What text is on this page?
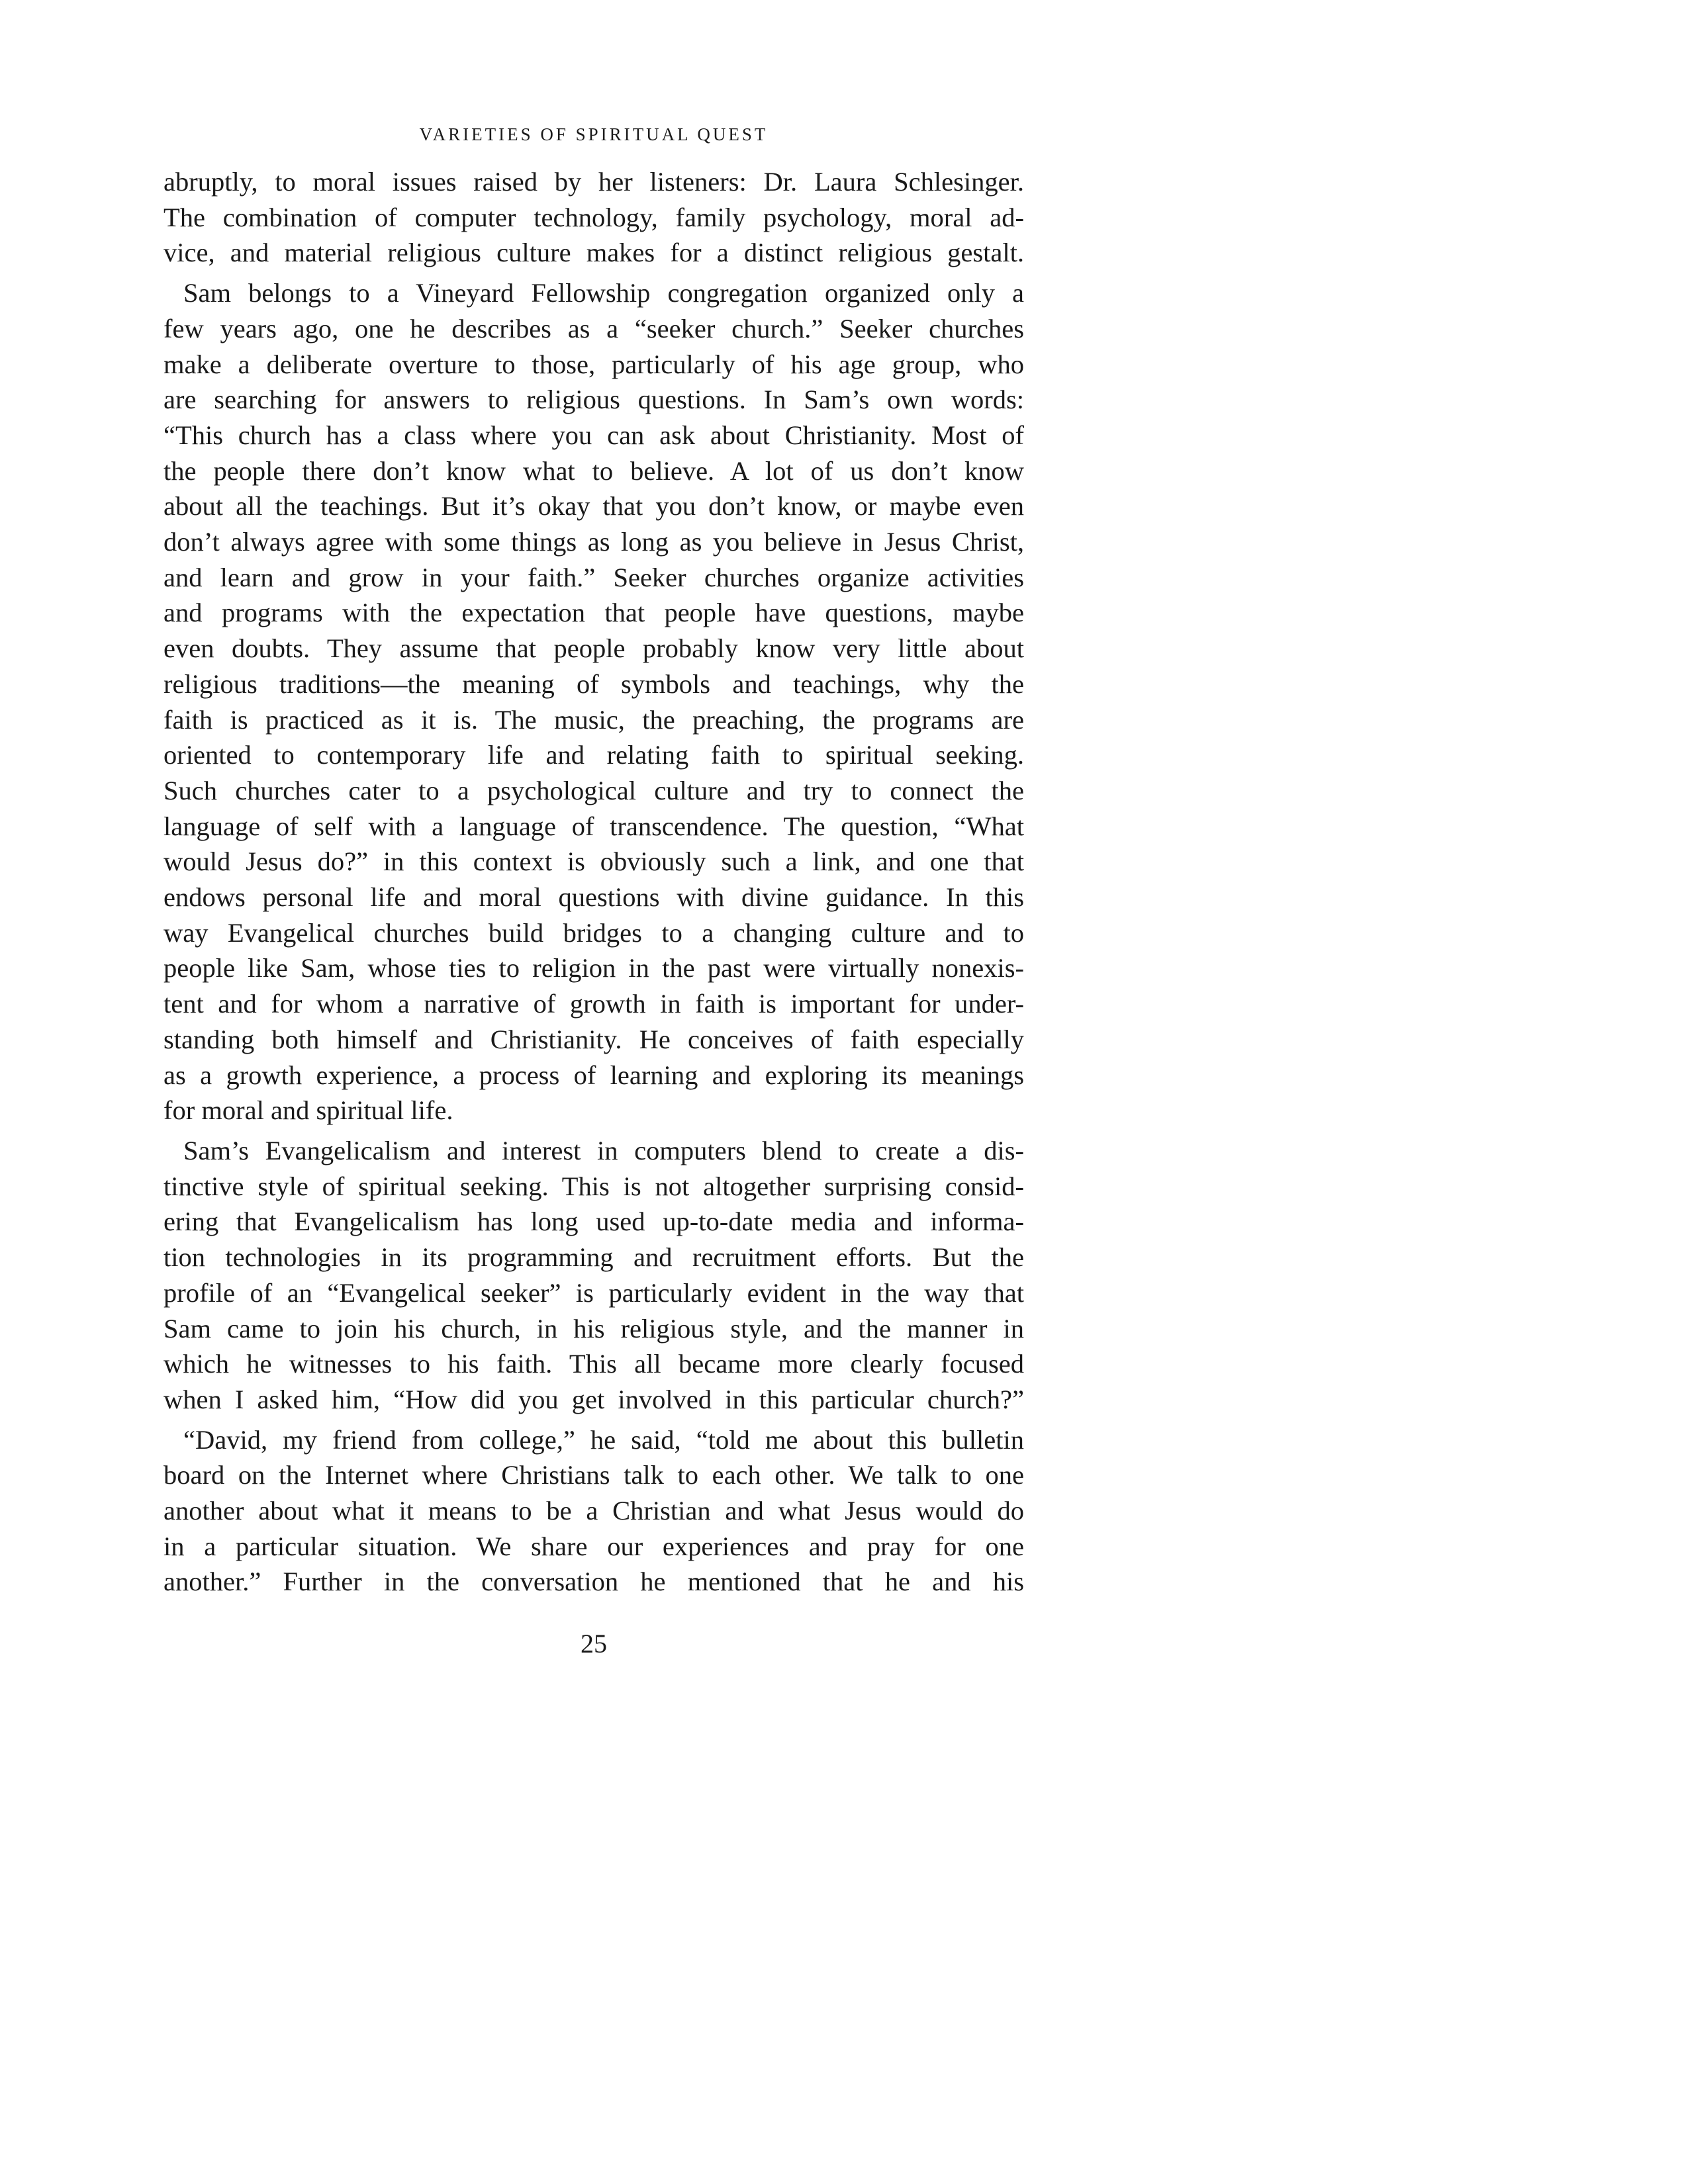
VARIETIES OF SPIRITUAL QUEST
abruptly, to moral issues raised by her listeners: Dr. Laura Schlesinger.
The combination of computer technology, family psychology, moral ad-
vice, and material religious culture makes for a distinct religious gestalt.
Sam belongs to a Vineyard Fellowship congregation organized only a
few years ago, one he describes as a “seeker church.” Seeker churches
make a deliberate overture to those, particularly of his age group, who
are searching for answers to religious questions. In Sam’s own words:
“This church has a class where you can ask about Christianity. Most of
the people there don’t know what to believe. A lot of us don’t know
about all the teachings. But it’s okay that you don’t know, or maybe even
don’t always agree with some things as long as you believe in Jesus Christ,
and learn and grow in your faith.” Seeker churches organize activities
and programs with the expectation that people have questions, maybe
even doubts. They assume that people probably know very little about
religious traditions—the meaning of symbols and teachings, why the
faith is practiced as it is. The music, the preaching, the programs are
oriented to contemporary life and relating faith to spiritual seeking.
Such churches cater to a psychological culture and try to connect the
language of self with a language of transcendence. The question, “What
would Jesus do?” in this context is obviously such a link, and one that
endows personal life and moral questions with divine guidance. In this
way Evangelical churches build bridges to a changing culture and to
people like Sam, whose ties to religion in the past were virtually nonexis-
tent and for whom a narrative of growth in faith is important for under-
standing both himself and Christianity. He conceives of faith especially
as a growth experience, a process of learning and exploring its meanings
for moral and spiritual life.
Sam’s Evangelicalism and interest in computers blend to create a dis-
tinctive style of spiritual seeking. This is not altogether surprising consid-
ering that Evangelicalism has long used up-to-date media and informa-
tion technologies in its programming and recruitment efforts. But the
profile of an “Evangelical seeker” is particularly evident in the way that
Sam came to join his church, in his religious style, and the manner in
which he witnesses to his faith. This all became more clearly focused
when I asked him, “How did you get involved in this particular church?”
“David, my friend from college,” he said, “told me about this bulletin
board on the Internet where Christians talk to each other. We talk to one
another about what it means to be a Christian and what Jesus would do
in a particular situation. We share our experiences and pray for one
another.” Further in the conversation he mentioned that he and his
25
